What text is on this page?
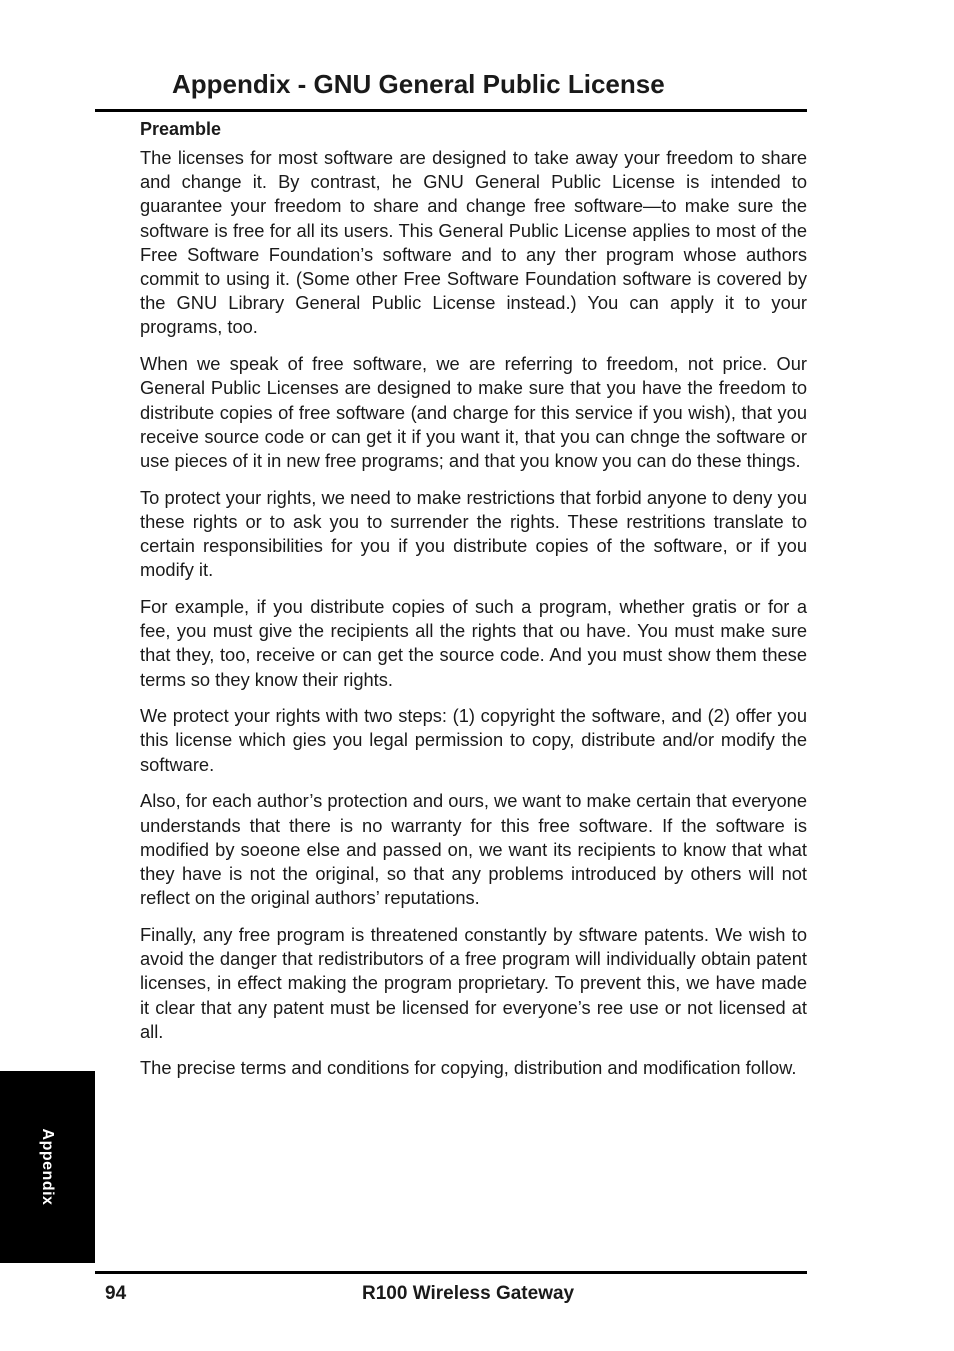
Appendix - GNU General Public License
Preamble

The licenses for most software are designed to take away your freedom to share and change it. By contrast, he GNU General Public License is intended to guarantee your freedom to share and change free software—to make sure the software is free for all its users. This General Public License applies to most of the Free Software Foundation’s software and to any ther program whose authors commit to using it. (Some other Free Software Foundation software is covered by the GNU Library General Public License instead.) You can apply it to your programs, too.

When we speak of free software, we are referring to freedom, not price. Our General Public Licenses are designed to make sure that you have the freedom to distribute copies of free software (and charge for this service if you wish), that you receive source code or can get it if you want it, that you can chnge the software or use pieces of it in new free programs; and that you know you can do these things.

To protect your rights, we need to make restrictions that forbid anyone to deny you these rights or to ask you to surrender the rights. These restritions translate to certain responsibilities for you if you distribute copies of the software, or if you modify it.

For example, if you distribute copies of such a program, whether gratis or for a fee, you must give the recipients all the rights that ou have. You must make sure that they, too, receive or can get the source code. And you must show them these terms so they know their rights.

We protect your rights with two steps: (1) copyright the software, and (2) offer you this license which gies you legal permission to copy, distribute and/or modify the software.

Also, for each author’s protection and ours, we want to make certain that everyone understands that there is no warranty for this free software. If the software is modified by soeone else and passed on, we want its recipients to know that what they have is not the original, so that any problems introduced by others will not reflect on the original authors’ reputations.

Finally, any free program is threatened constantly by sftware patents. We wish to avoid the danger that redistributors of a free program will individually obtain patent licenses, in effect making the program proprietary. To prevent this, we have made it clear that any patent must be licensed for everyone’s ree use or not licensed at all.

The precise terms and conditions for copying, distribution and modification follow.

Appendix
94	R100 Wireless Gateway
